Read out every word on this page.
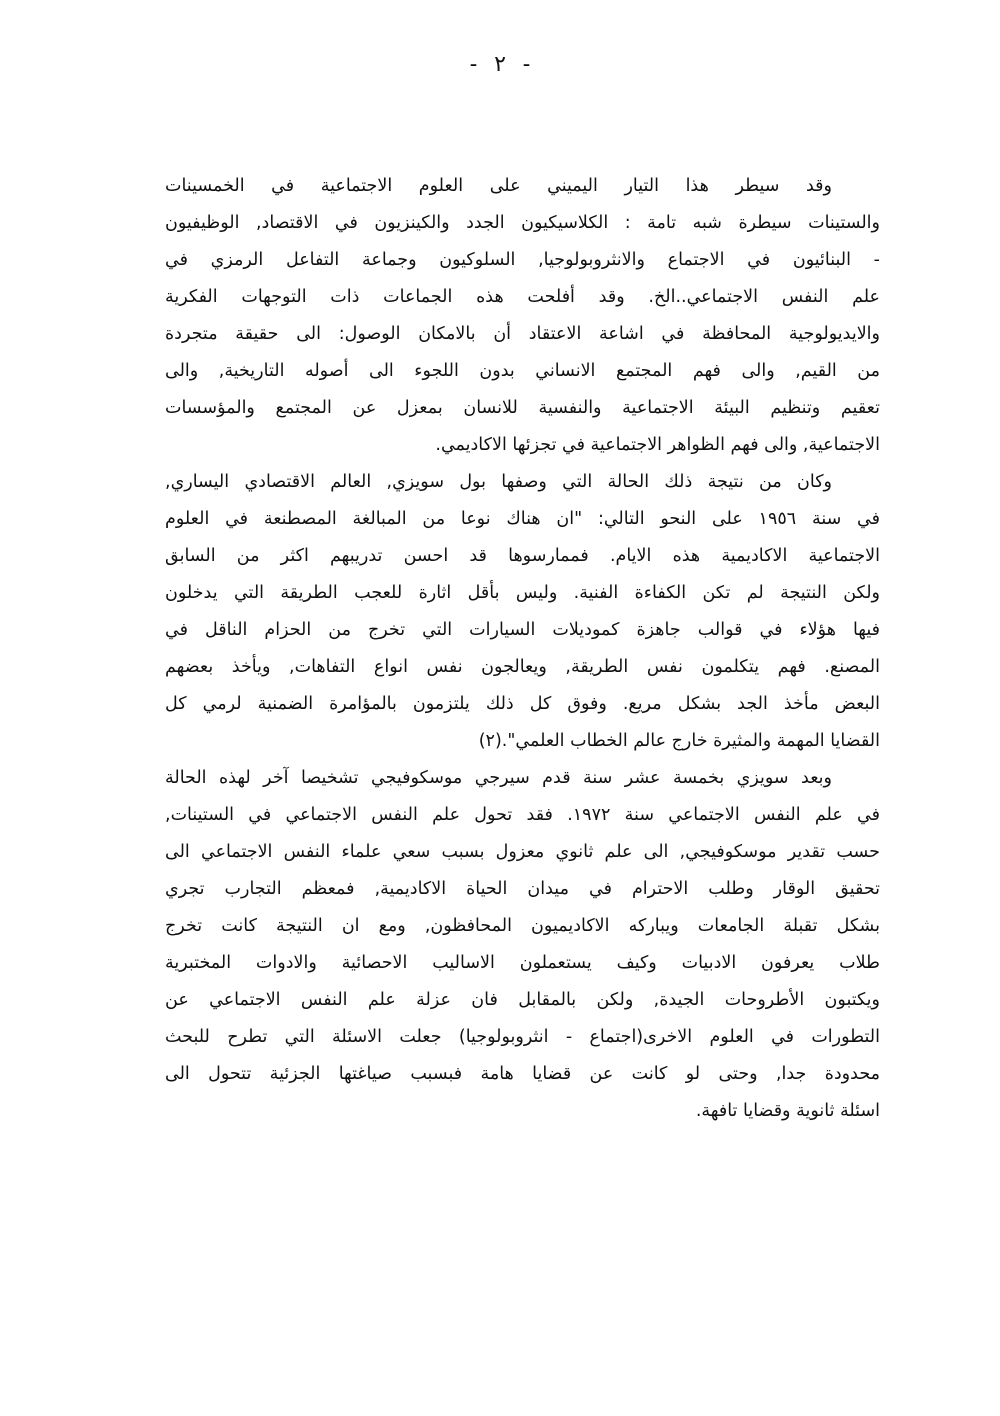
- ٢ -
وقد سيطر هذا التيار اليميني على العلوم الاجتماعية في الخمسينات
والستينات سيطرة شبه تامة : الكلاسيكيون الجدد والكينزيون في الاقتصاد, الوظيفيون
- البنائيون في الاجتماع والانثروبولوجيا, السلوكيون وجماعة التفاعل الرمزي في
علم النفس الاجتماعي..الخ. وقد أفلحت هذه الجماعات ذات التوجهات الفكرية
والايديولوجية المحافظة في اشاعة الاعتقاد أن بالامكان الوصول: الى حقيقة متجردة
من القيم, والى فهم المجتمع الانساني بدون اللجوء الى أصوله التاريخية, والى
تعقيم وتنظيم البيئة الاجتماعية والنفسية للانسان بمعزل عن المجتمع والمؤسسات
الاجتماعية, والى فهم الظواهر الاجتماعية في تجزئها الاكاديمي.
وكان من نتيجة ذلك الحالة التي وصفها بول سويزي, العالم الاقتصادي اليساري,
في سنة ١٩٥٦ على النحو التالي: "ان هناك نوعا من المبالغة المصطنعة في العلوم
الاجتماعية الاكاديمية هذه الايام. فممارسوها قد احسن تدريبهم اكثر من السابق
ولكن النتيجة لم تكن الكفاءة الفنية. وليس بأقل اثارة للعجب الطريقة التي يدخلون
فيها هؤلاء في قوالب جاهزة كموديلات السيارات التي تخرج من الحزام الناقل في
المصنع. فهم يتكلمون نفس الطريقة, ويعالجون نفس انواع التفاهات, ويأخذ بعضهم
البعض مأخذ الجد بشكل مريع. وفوق كل ذلك يلتزمون بالمؤامرة الضمنية لرمي كل
القضايا المهمة والمثيرة خارج عالم الخطاب العلمي".(٢)
وبعد سويزي بخمسة عشر سنة قدم سيرجي موسكوفيجي تشخيصا آخر لهذه الحالة
في علم النفس الاجتماعي سنة ١٩٧٢. فقد تحول علم النفس الاجتماعي في الستينات,
حسب تقدير موسكوفيجي, الى علم ثانوي معزول بسبب سعي علماء النفس الاجتماعي الى
تحقيق الوقار وطلب الاحترام في ميدان الحياة الاكاديمية, فمعظم التجارب تجري
بشكل تقبلة الجامعات ويباركه الاكاديميون المحافظون, ومع ان النتيجة كانت تخرج
طلاب يعرفون الادبيات وكيف يستعملون الاساليب الاحصائية والادوات المختبرية
ويكتبون الأطروحات الجيدة, ولكن بالمقابل فان عزلة علم النفس الاجتماعي عن
التطورات في العلوم الاخرى(اجتماع - انثروبولوجيا) جعلت الاسئلة التي تطرح للبحث
محدودة جدا, وحتى لو كانت عن قضايا هامة فبسبب صياغتها الجزئية تتحول الى
اسئلة ثانوية وقضايا تافهة.
